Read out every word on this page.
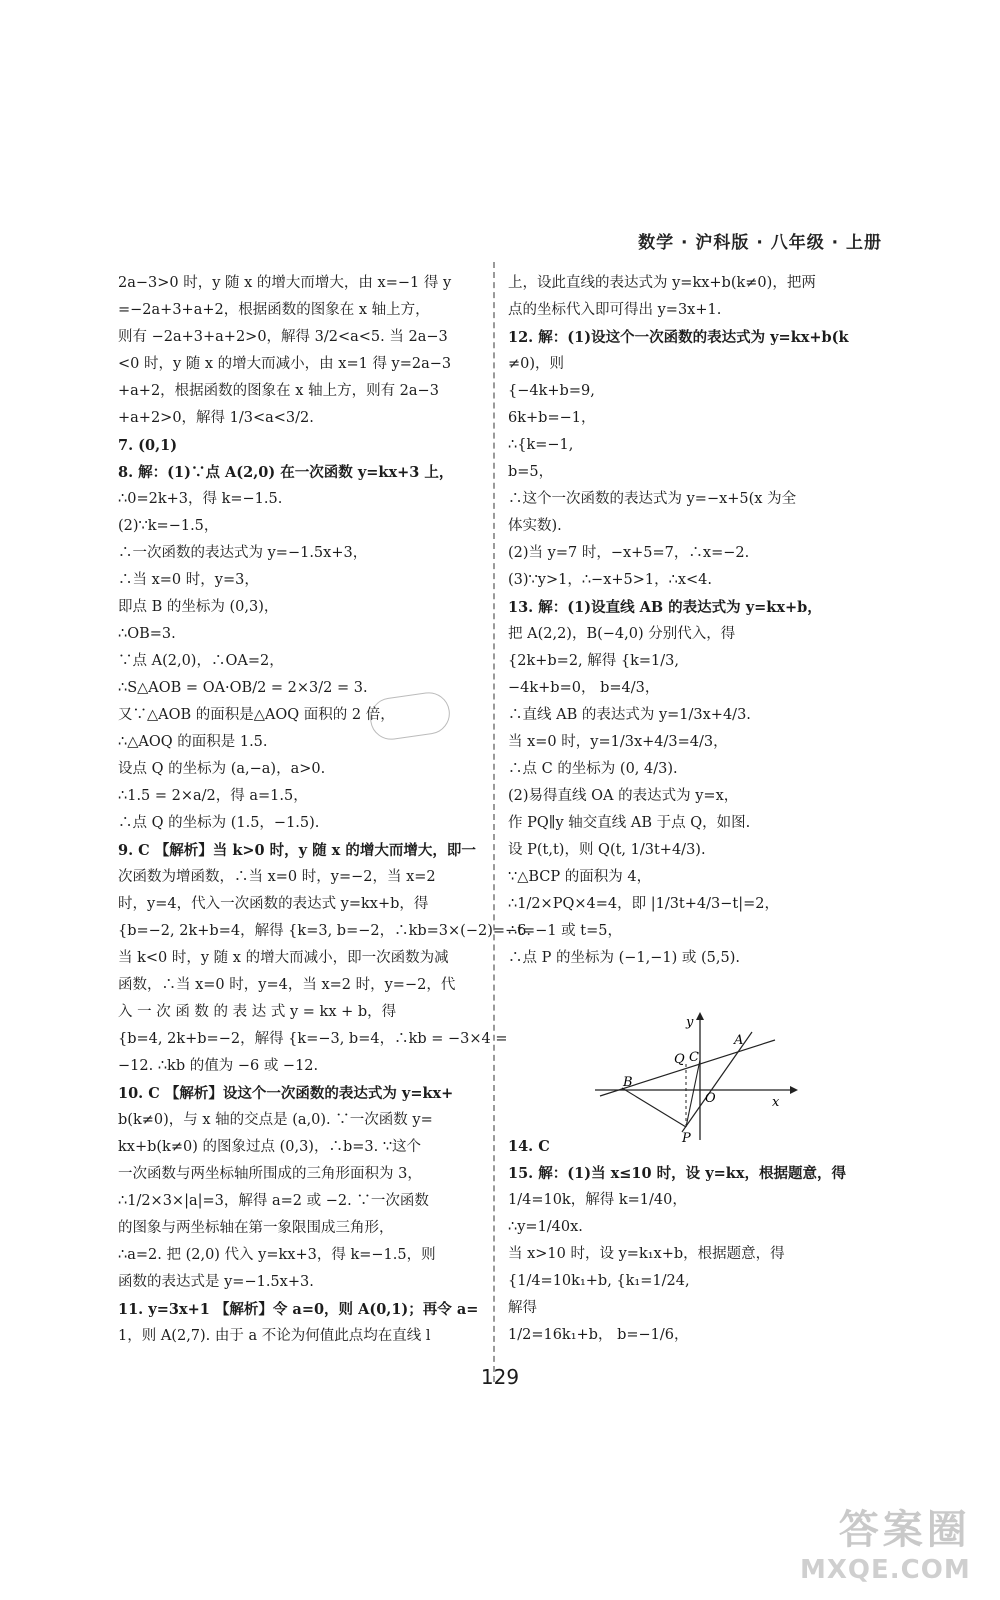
数学 · 沪科版 · 八年级 · 上册
2a−3>0 时，y 随 x 的增大而增大，由 x=−1 得 y
=−2a+3+a+2，根据函数的图象在 x 轴上方，
则有 −2a+3+a+2>0，解得 3/2<a<5. 当 2a−3
<0 时，y 随 x 的增大而减小，由 x=1 得 y=2a−3
+a+2，根据函数的图象在 x 轴上方，则有 2a−3
+a+2>0，解得 1/3<a<3/2.
7. (0,1)
8. 解：(1)∵点 A(2,0) 在一次函数 y=kx+3 上，
∴0=2k+3，得 k=−1.5.
(2)∵k=−1.5，
∴一次函数的表达式为 y=−1.5x+3，
∴当 x=0 时，y=3，
即点 B 的坐标为 (0,3)，
∴OB=3.
∵点 A(2,0)，∴OA=2，
∴S△AOB = OA·OB/2 = 2×3/2 = 3.
又∵△AOB 的面积是△AOQ 面积的 2 倍，
∴△AOQ 的面积是 1.5.
设点 Q 的坐标为 (a,−a)，a>0.
∴1.5 = 2×a/2，得 a=1.5，
∴点 Q 的坐标为 (1.5，−1.5).
9. C 【解析】当 k>0 时，y 随 x 的增大而增大，即一
次函数为增函数，∴当 x=0 时，y=−2，当 x=2
时，y=4，代入一次函数的表达式 y=kx+b，得
{b=−2, 2k+b=4，解得 {k=3, b=−2，∴kb=3×(−2)=−6.
当 k<0 时，y 随 x 的增大而减小，即一次函数为减
函数，∴当 x=0 时，y=4，当 x=2 时，y=−2，代
入 一 次 函 数 的 表 达 式 y = kx + b，得
{b=4, 2k+b=−2，解得 {k=−3, b=4，∴kb = −3×4 =
−12. ∴kb 的值为 −6 或 −12.
10. C 【解析】设这个一次函数的表达式为 y=kx+
b(k≠0)，与 x 轴的交点是 (a,0). ∵一次函数 y=
kx+b(k≠0) 的图象过点 (0,3)，∴b=3. ∵这个
一次函数与两坐标轴所围成的三角形面积为 3，
∴1/2×3×|a|=3，解得 a=2 或 −2. ∵一次函数
的图象与两坐标轴在第一象限围成三角形，
∴a=2. 把 (2,0) 代入 y=kx+3，得 k=−1.5，则
函数的表达式是 y=−1.5x+3.
11. y=3x+1 【解析】令 a=0，则 A(0,1)；再令 a=
1，则 A(2,7). 由于 a 不论为何值此点均在直线 l
上，设此直线的表达式为 y=kx+b(k≠0)，把两
点的坐标代入即可得出 y=3x+1.
12. 解：(1)设这个一次函数的表达式为 y=kx+b(k
≠0)，则
{−4k+b=9,
6k+b=−1，
∴{k=−1,
b=5，
∴这个一次函数的表达式为 y=−x+5(x 为全
体实数).
(2)当 y=7 时，−x+5=7，∴x=−2.
(3)∵y>1，∴−x+5>1，∴x<4.
13. 解：(1)设直线 AB 的表达式为 y=kx+b，
把 A(2,2)，B(−4,0) 分别代入，得
{2k+b=2, 解得 {k=1/3,
−4k+b=0， b=4/3，
∴直线 AB 的表达式为 y=1/3x+4/3.
当 x=0 时，y=1/3x+4/3=4/3，
∴点 C 的坐标为 (0, 4/3).
(2)易得直线 OA 的表达式为 y=x，
作 PQ∥y 轴交直线 AB 于点 Q，如图.
设 P(t,t)，则 Q(t, 1/3t+4/3).
∵△BCP 的面积为 4，
∴1/2×PQ×4=4，即 |1/3t+4/3−t|=2，
∴t=−1 或 t=5，
∴点 P 的坐标为 (−1,−1) 或 (5,5).
y
x
A
B
C
Q
O
P
14. C
15. 解：(1)当 x≤10 时，设 y=kx，根据题意，得
1/4=10k，解得 k=1/40，
∴y=1/40x.
当 x>10 时，设 y=k₁x+b，根据题意，得
{1/4=10k₁+b, {k₁=1/24,
解得
1/2=16k₁+b， b=−1/6，
129
答案圈
MXQE.COM
